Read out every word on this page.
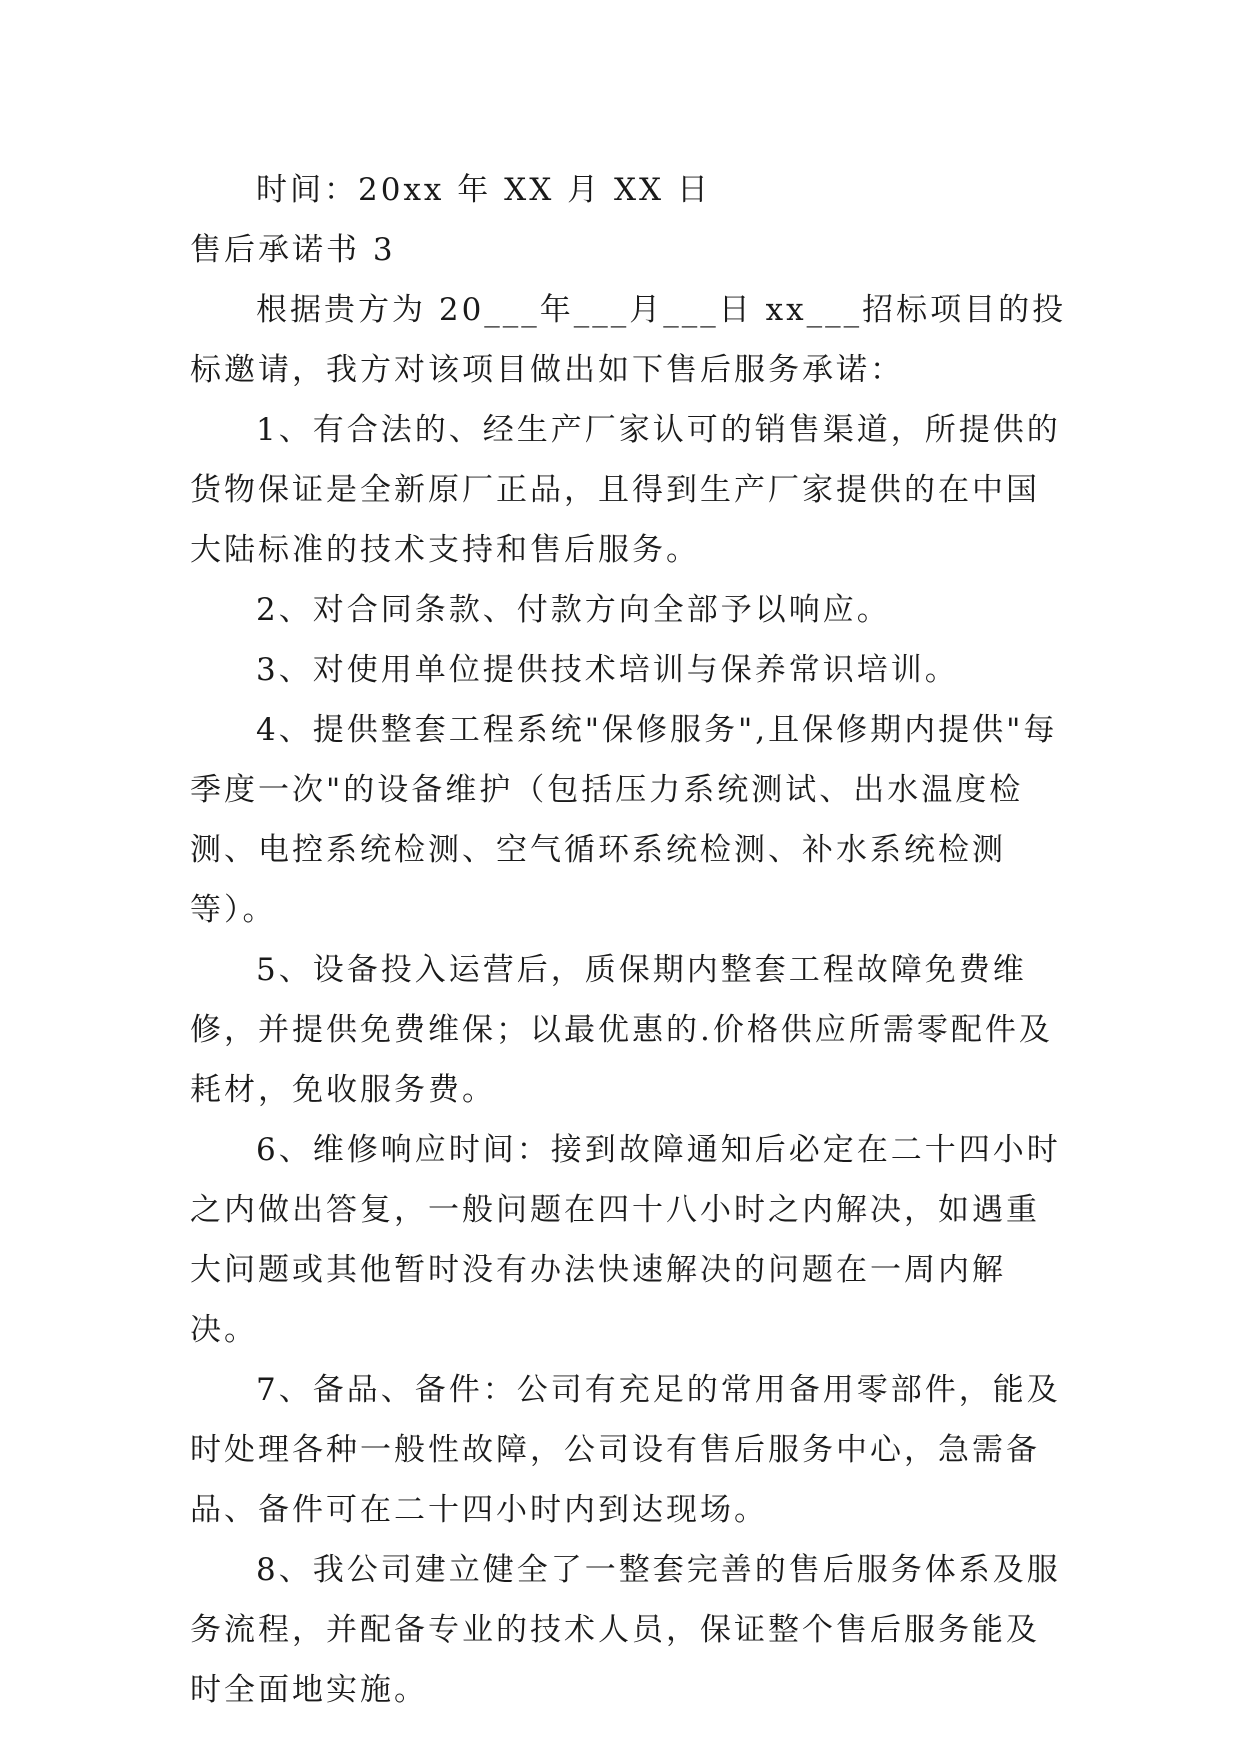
时间：20xx 年 XX 月 XX 日

售后承诺书 3

根据贵方为 20___年___月___日 xx___招标项目的投标邀请，我方对该项目做出如下售后服务承诺：

1、有合法的、经生产厂家认可的销售渠道，所提供的货物保证是全新原厂正品，且得到生产厂家提供的在中国大陆标准的技术支持和售后服务。

2、对合同条款、付款方向全部予以响应。

3、对使用单位提供技术培训与保养常识培训。

4、提供整套工程系统"保修服务",且保修期内提供"每季度一次"的设备维护（包括压力系统测试、出水温度检测、电控系统检测、空气循环系统检测、补水系统检测等）。

5、设备投入运营后，质保期内整套工程故障免费维修，并提供免费维保；以最优惠的.价格供应所需零配件及耗材，免收服务费。

6、维修响应时间：接到故障通知后必定在二十四小时之内做出答复，一般问题在四十八小时之内解决，如遇重大问题或其他暂时没有办法快速解决的问题在一周内解决。

7、备品、备件：公司有充足的常用备用零部件，能及时处理各种一般性故障，公司设有售后服务中心，急需备品、备件可在二十四小时内到达现场。

8、我公司建立健全了一整套完善的售后服务体系及服务流程，并配备专业的技术人员，保证整个售后服务能及时全面地实施。
